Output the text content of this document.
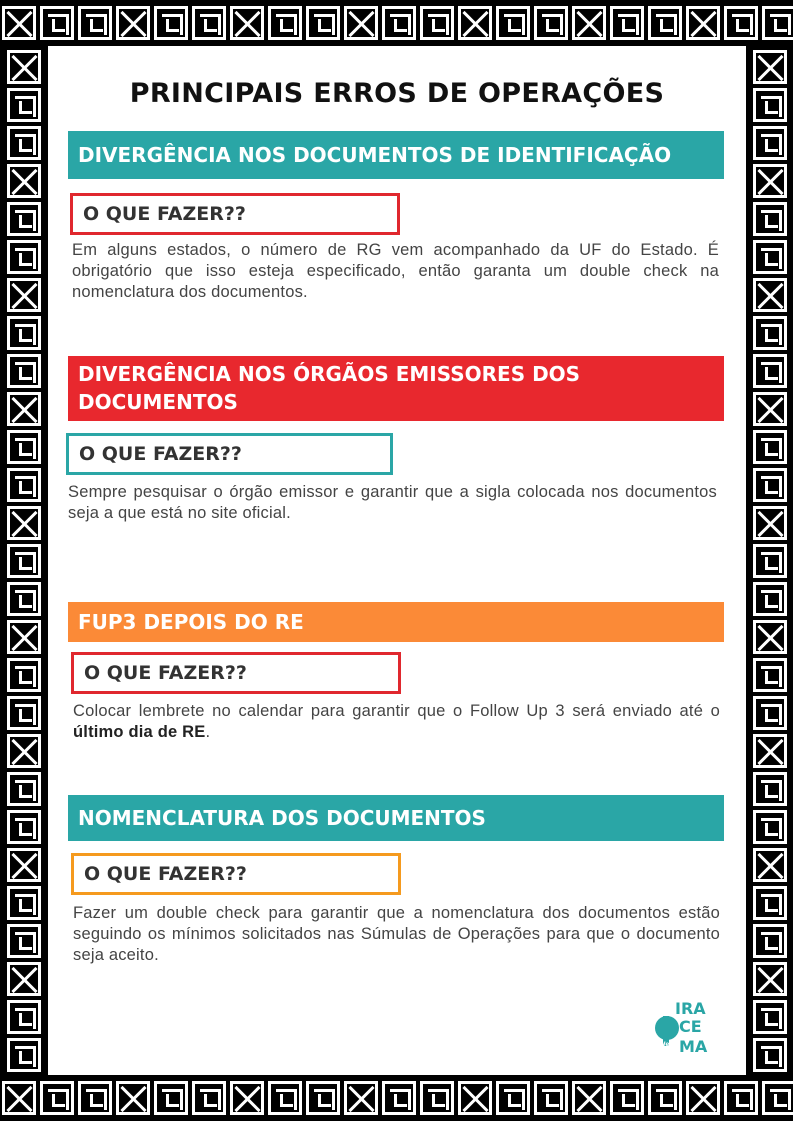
PRINCIPAIS ERROS DE OPERAÇÕES
DIVERGÊNCIA NOS DOCUMENTOS DE IDENTIFICAÇÃO
O QUE FAZER??
Em alguns estados, o número de RG vem acompanhado da UF do Estado. É obrigatório que isso esteja especificado, então garanta um double check na nomenclatura dos documentos.
DIVERGÊNCIA NOS ÓRGÃOS EMISSORES DOS
DOCUMENTOS
O QUE FAZER??
Sempre pesquisar o órgão emissor e garantir que a sigla colocada nos documentos seja a que está no site oficial.
FUP3 DEPOIS DO RE
O QUE FAZER??
Colocar lembrete no calendar para garantir que o Follow Up 3 será enviado até o último dia de RE.
NOMENCLATURA DOS DOCUMENTOS
O QUE FAZER??
Fazer um double check para garantir que a nomenclatura dos documentos estão seguindo os mínimos solicitados nas Súmulas de Operações para que o documento seja aceito.
IRA
CE
MA
Web
